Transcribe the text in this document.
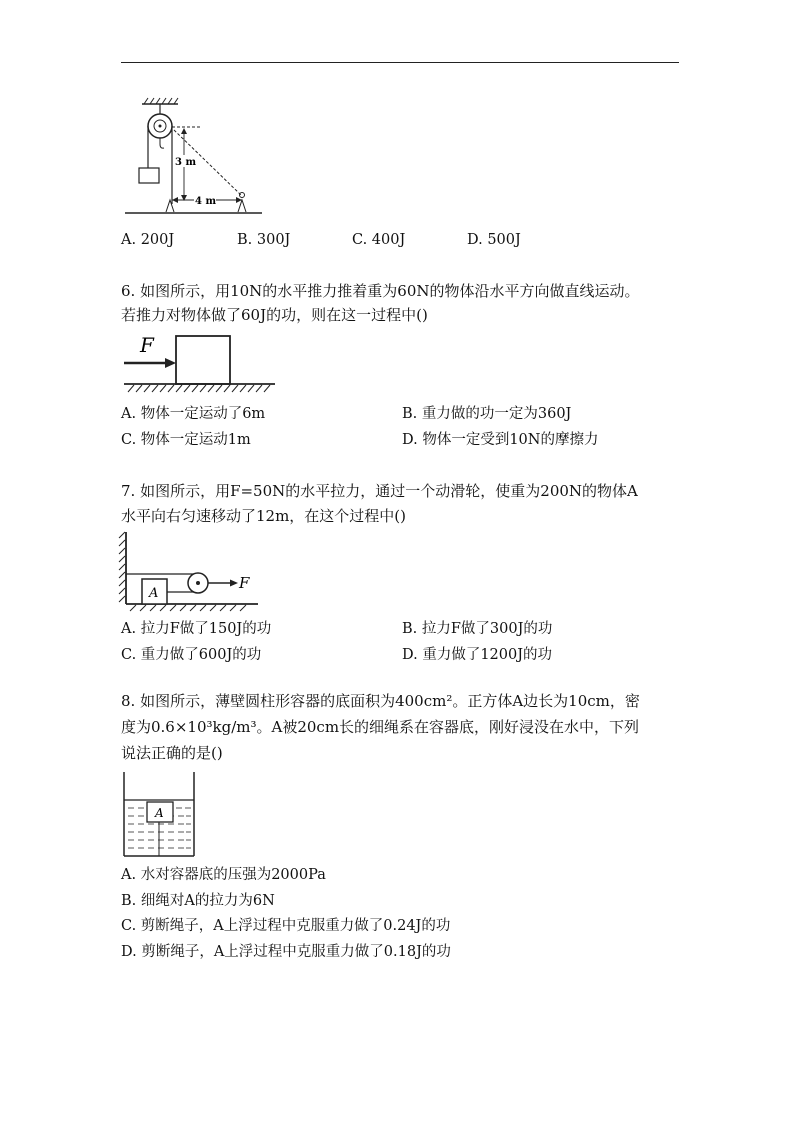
3 m
4 m
A. 200J	B. 300J	C. 400J	D. 500J
6. 如图所示，用10N的水平推力推着重为60N的物体沿水平方向做直线运动。
若推力对物体做了60J的功，则在这一过程中()
F
A. 物体一定运动了6m	B. 重力做的功一定为360J
C. 物体一定运动1m	D. 物体一定受到10N的摩擦力
7. 如图所示，用F=50N的水平拉力，通过一个动滑轮，使重为200N的物体A
水平向右匀速移动了12m，在这个过程中()
A
F
A. 拉力F做了150J的功	B. 拉力F做了300J的功
C. 重力做了600J的功	D. 重力做了1200J的功
8. 如图所示，薄壁圆柱形容器的底面积为400cm²。正方体A边长为10cm，密
度为0.6×10³kg/m³。A被20cm长的细绳系在容器底，刚好浸没在水中，下列
说法正确的是()
A
A. 水对容器底的压强为2000Pa
B. 细绳对A的拉力为6N
C. 剪断绳子，A上浮过程中克服重力做了0.24J的功
D. 剪断绳子，A上浮过程中克服重力做了0.18J的功
